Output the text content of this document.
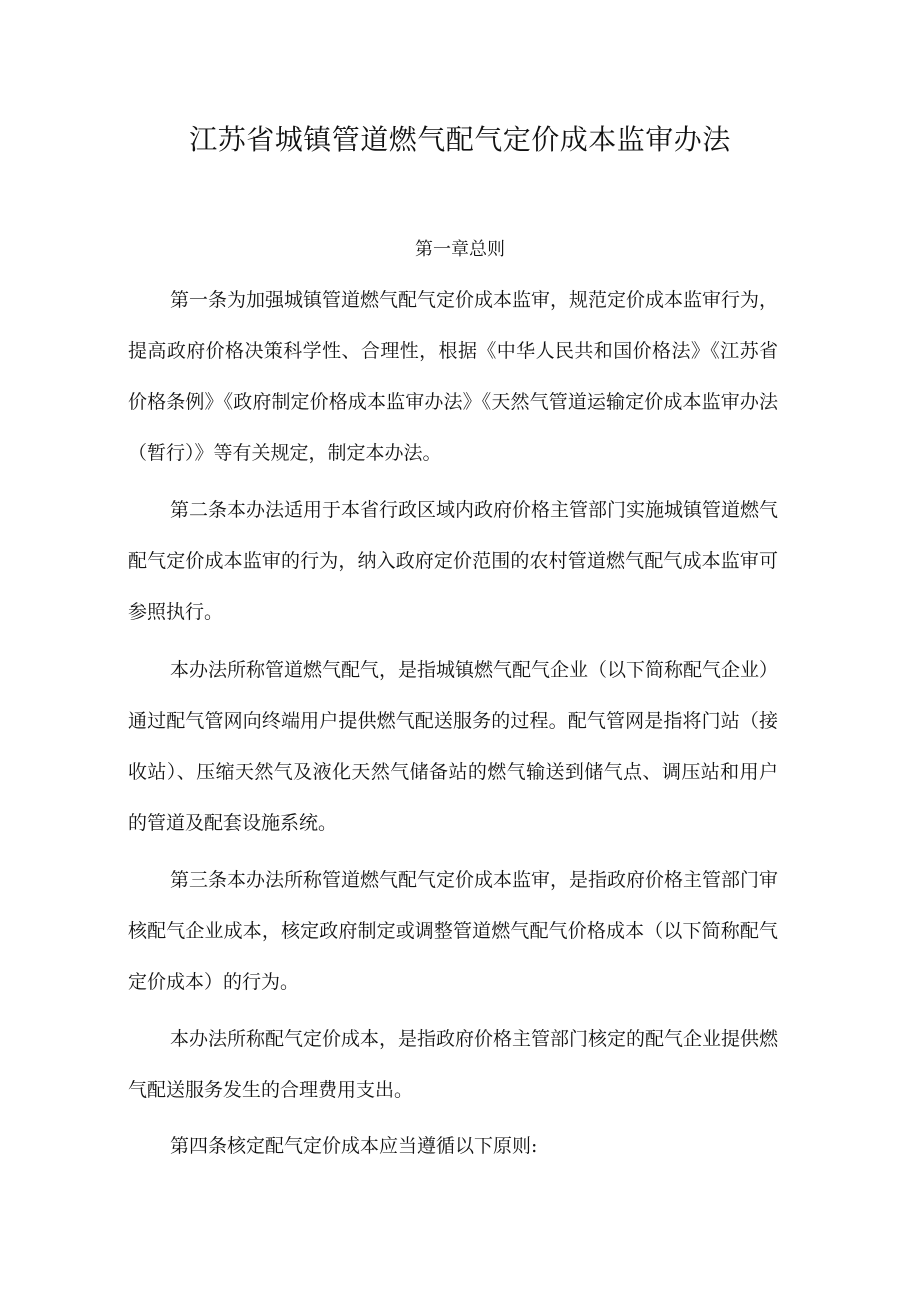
江苏省城镇管道燃气配气定价成本监审办法

第一章总则

第一条为加强城镇管道燃气配气定价成本监审，规范定价成本监审行为，提高政府价格决策科学性、合理性，根据《中华人民共和国价格法》《江苏省价格条例》《政府制定价格成本监审办法》《天然气管道运输定价成本监审办法（暂行）》等有关规定，制定本办法。

第二条本办法适用于本省行政区域内政府价格主管部门实施城镇管道燃气配气定价成本监审的行为，纳入政府定价范围的农村管道燃气配气成本监审可参照执行。

本办法所称管道燃气配气，是指城镇燃气配气企业（以下简称配气企业）通过配气管网向终端用户提供燃气配送服务的过程。配气管网是指将门站（接收站）、压缩天然气及液化天然气储备站的燃气输送到储气点、调压站和用户的管道及配套设施系统。

第三条本办法所称管道燃气配气定价成本监审，是指政府价格主管部门审核配气企业成本，核定政府制定或调整管道燃气配气价格成本（以下简称配气定价成本）的行为。

本办法所称配气定价成本，是指政府价格主管部门核定的配气企业提供燃气配送服务发生的合理费用支出。

第四条核定配气定价成本应当遵循以下原则:
